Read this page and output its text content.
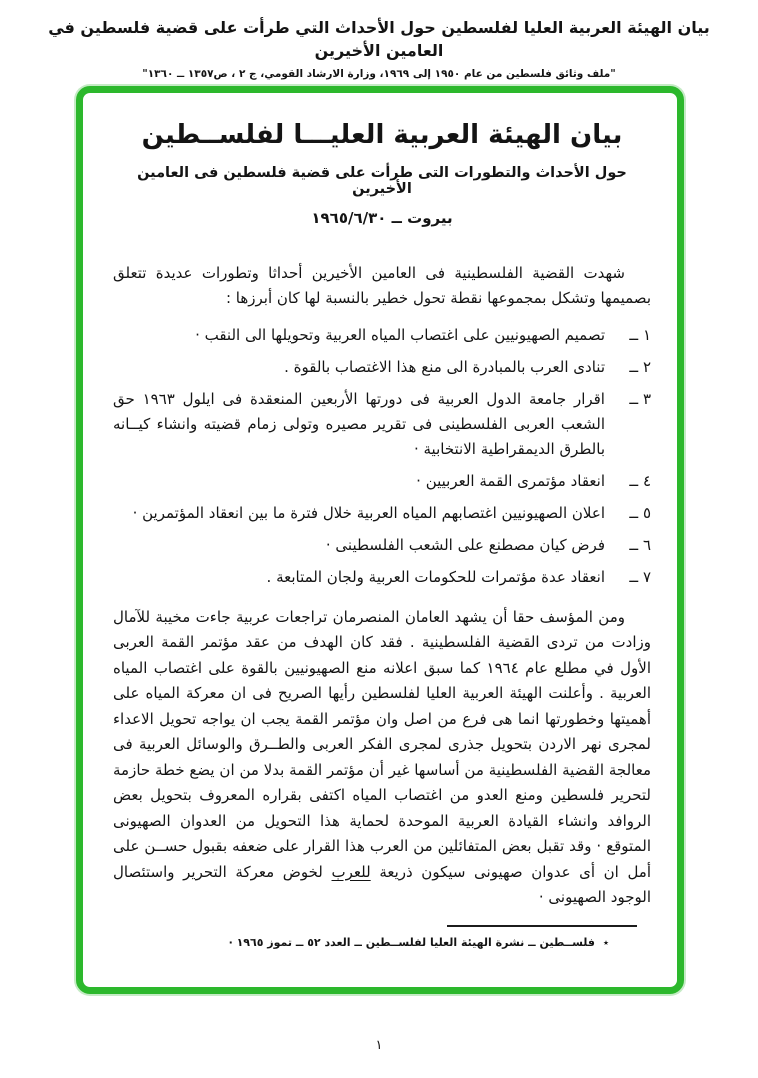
بيان الهيئة العربية العليا لفلسطين حول الأحداث التي طرأت على قضية فلسطين في العامين الأخيرين
"ملف وثائق فلسطين من عام ١٩٥٠ إلى ١٩٦٩، وزارة الارشاد القومي، ج ٢ ، ص١٣٥٧ ــ ١٣٦٠"
بيان الهيئة العربية العليـــا لفلســطين
حول الأحداث والتطورات التى طرأت على قضية فلسطين فى العامين الأخيرين
بيروت ــ ١٩٦٥/٦/٣٠

شهدت القضية الفلسطينية فى العامين الأخيرين أحداثا وتطورات عديدة تتعلق بصميمها وتشكل بمجموعها نقطة تحول خطير بالنسبة لها كان أبرزها :

١ ــ
تصميم الصهيونيين على اغتصاب المياه العربية وتحويلها الى النقب ·
٢ ــ
تنادى العرب بالمبادرة الى منع هذا الاغتصاب بالقوة .
٣ ــ
اقرار جامعة الدول العربية فى دورتها الأربعين المنعقدة فى ايلول ١٩٦٣ حق الشعب العربى الفلسطينى فى تقرير مصيره وتولى زمام قضيته وانشاء كيــانه بالطرق الديمقراطية الانتخابية ·
٤ ــ
انعقاد مؤتمرى القمة العربيين ·
٥ ــ
اعلان الصهيونيين اغتصابهم المياه العربية خلال فترة ما بين انعقاد المؤتمرين ·
٦ ــ
فرض كيان مصطنع على الشعب الفلسطينى ·
٧ ــ
انعقاد عدة مؤتمرات للحكومات العربية ولجان المتابعة .

ومن المؤسف حقا أن يشهد العامان المنصرمان تراجعات عربية جاءت مخيبة للآمال وزادت من تردى القضية الفلسطينية . فقد كان الهدف من عقد مؤتمر القمة العربى الأول في مطلع عام ١٩٦٤ كما سبق اعلانه منع الصهيونيين بالقوة على اغتصاب المياه العربية . وأعلنت الهيئة العربية العليا لفلسطين رأيها الصريح فى ان معركة المياه على أهميتها وخطورتها انما هى فرع من اصل وان مؤتمر القمة يجب ان يواجه تحويل الاعداء لمجرى نهر الاردن بتحويل جذرى لمجرى الفكر العربى والطــرق والوسائل العربية فى معالجة القضية الفلسطينية من أساسها غير أن مؤتمر القمة بدلا من ان يضع خطة حازمة لتحرير فلسطين ومنع العدو من اغتصاب المياه اكتفى بقراره المعروف بتحويل بعض الروافد وانشاء القيادة العربية الموحدة لحماية هذا التحويل من العدوان الصهيونى المتوقع · وقد تقبل بعض المتفائلين من العرب هذا القرار على ضعفه بقبول حســن على أمل ان أى عدوان صهيونى سيكون ذريعة للعرب لخوض معركة التحرير واستئصال الوجود الصهيونى ·

٭
فلســطين ــ نشرة الهيئة العليا لفلســطين ــ العدد ٥٢ ــ تموز ١٩٦٥ ·
١
